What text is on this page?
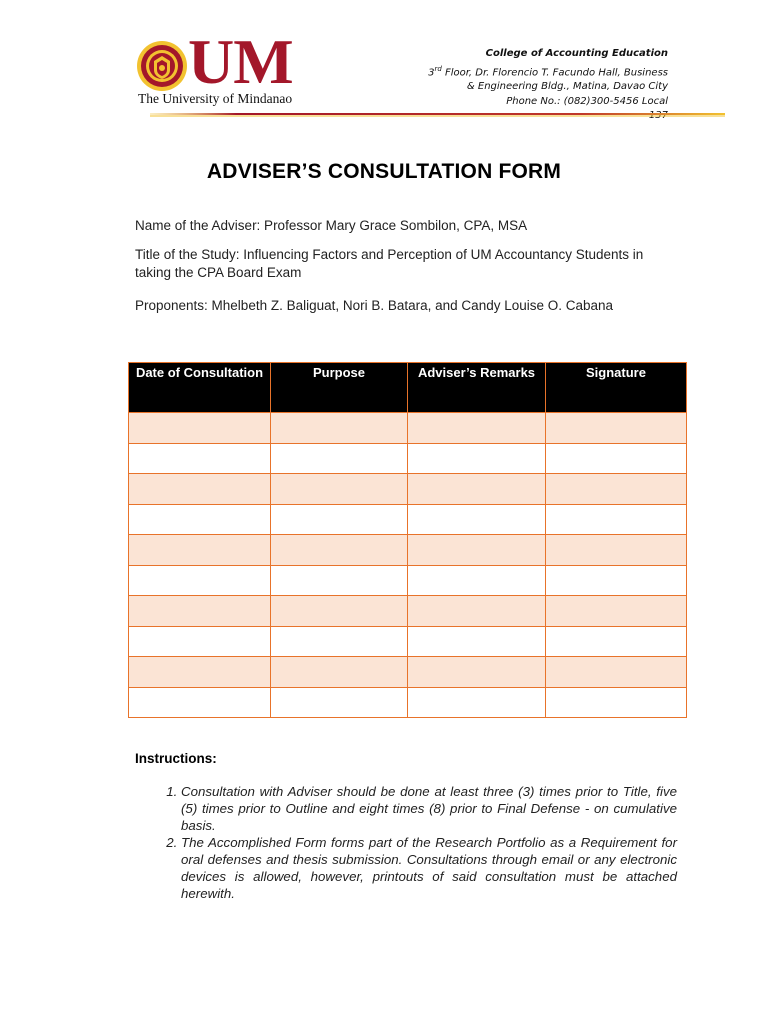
UM
The University of Mindanao
College of Accounting Education
3rd Floor, Dr. Florencio T. Facundo Hall, Business
& Engineering Bldg., Matina, Davao City
Phone No.: (082)300-5456 Local
ADVISER’S CONSULTATION FORM
Name of the Adviser: Professor Mary Grace Sombilon, CPA, MSA
Title of the Study: Influencing Factors and Perception of UM Accountancy Students in taking the CPA Board Exam
Proponents: Mhelbeth Z. Baliguat, Nori B. Batara, and Candy Louise O. Cabana
Date of Consultation	Purpose	Adviser’s Remarks	Signature

Instructions:
1. Consultation with Adviser should be done at least three (3) times prior to Title, five (5) times prior to Outline and eight times (8) prior to Final Defense - on cumulative basis.
2. The Accomplished Form forms part of the Research Portfolio as a Requirement for oral defenses and thesis submission. Consultations through email or any electronic devices is allowed, however, printouts of said consultation must be attached herewith.
